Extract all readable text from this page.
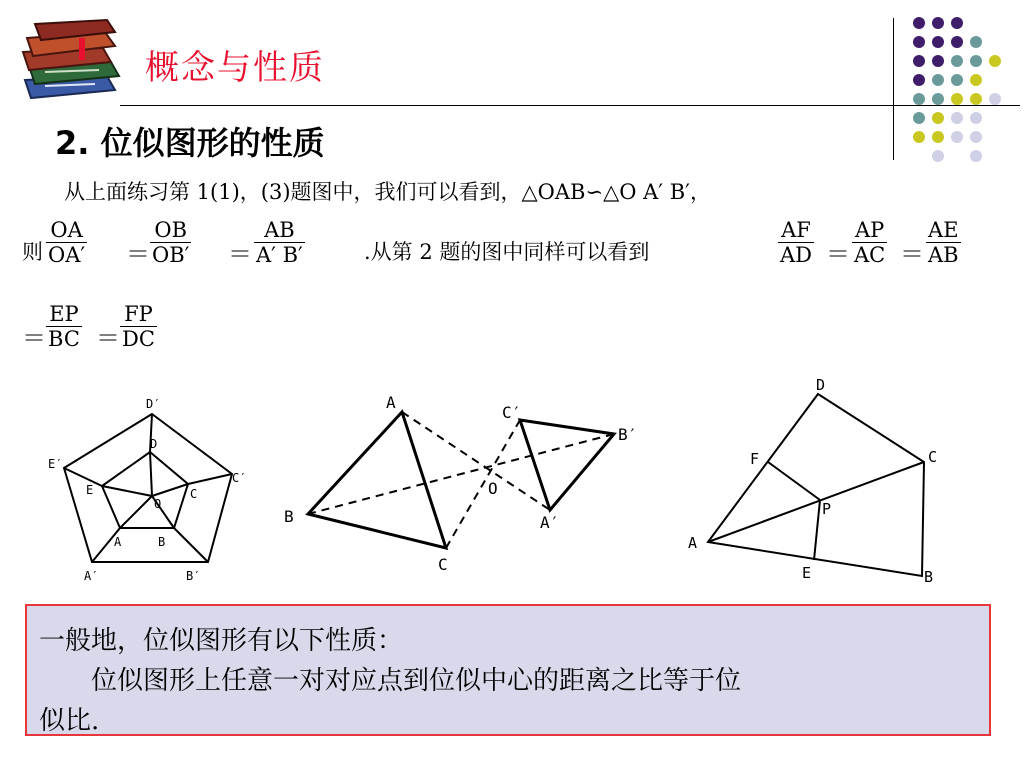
概念与性质
2. 位似图形的性质
从上面练习第 1(1)，(3)题图中，我们可以看到，△OAB∽△O A′ B′，
则 $\frac{OA}{OA'} = \frac{OB}{OB'} = \frac{AB}{A' B'}$	.从第 2 题的图中同样可以看到	$\frac{AF}{AD} = \frac{AP}{AC} = \frac{AE}{AB}$
＝ $\frac{EP}{BC} = \frac{FP}{DC}$
D′
E′
C′
A′	B′
D
E	C
O
A	B
A
B
C
O
C′
B′
A′
D
C
F
P
A
E	B
一般地，位似图形有以下性质：
　　位似图形上任意一对对应点到位似中心的距离之比等于位
似比.
